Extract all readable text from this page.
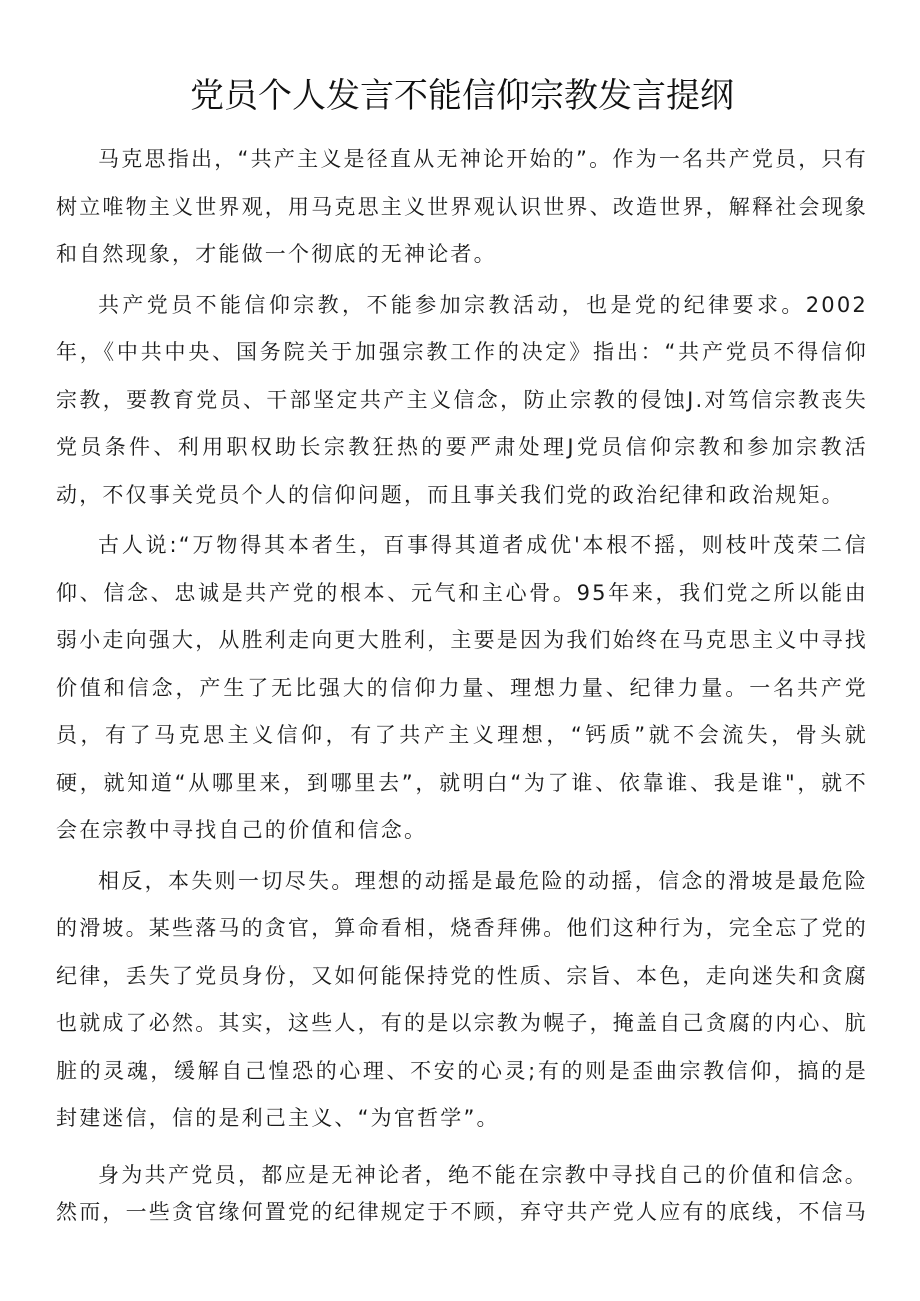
党员个人发言不能信仰宗教发言提纲

马克思指出，“共产主义是径直从无神论开始的”。作为一名共产党员，只有树立唯物主义世界观，用马克思主义世界观认识世界、改造世界，解释社会现象和自然现象，才能做一个彻底的无神论者。

共产党员不能信仰宗教，不能参加宗教活动，也是党的纪律要求。2002年，《中共中央、国务院关于加强宗教工作的决定》指出：“共产党员不得信仰宗教，要教育党员、干部坚定共产主义信念，防止宗教的侵蚀J.对笃信宗教丧失党员条件、利用职权助长宗教狂热的要严肃处理J党员信仰宗教和参加宗教活动，不仅事关党员个人的信仰问题，而且事关我们党的政治纪律和政治规矩。

古人说:“万物得其本者生，百事得其道者成优'本根不摇，则枝叶茂荣二信仰、信念、忠诚是共产党的根本、元气和主心骨。95年来，我们党之所以能由弱小走向强大，从胜利走向更大胜利，主要是因为我们始终在马克思主义中寻找价值和信念，产生了无比强大的信仰力量、理想力量、纪律力量。一名共产党员，有了马克思主义信仰，有了共产主义理想，“钙质”就不会流失，骨头就硬，就知道“从哪里来，到哪里去”，就明白“为了谁、依靠谁、我是谁"，就不会在宗教中寻找自己的价值和信念。

相反，本失则一切尽失。理想的动摇是最危险的动摇，信念的滑坡是最危险的滑坡。某些落马的贪官，算命看相，烧香拜佛。他们这种行为，完全忘了党的纪律，丢失了党员身份，又如何能保持党的性质、宗旨、本色，走向迷失和贪腐也就成了必然。其实，这些人，有的是以宗教为幌子，掩盖自己贪腐的内心、肮脏的灵魂，缓解自己惶恐的心理、不安的心灵;有的则是歪曲宗教信仰，搞的是封建迷信，信的是利己主义、“为官哲学”。

身为共产党员，都应是无神论者，绝不能在宗教中寻找自己的价值和信念。然而，一些贪官缘何置党的纪律规定于不顾，弃守共产党人应有的底线，不信马
